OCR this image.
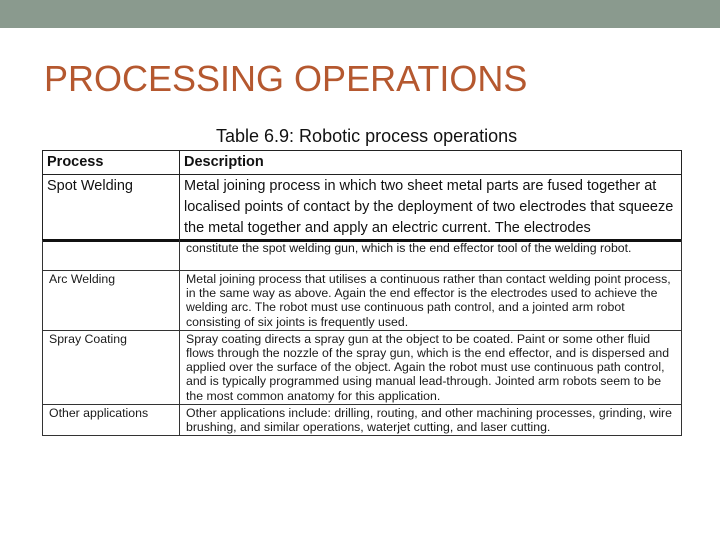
PROCESSING OPERATIONS
Table 6.9: Robotic process operations
Process	Description
Spot Welding	Metal joining process in which two sheet metal parts are fused together at localised points of contact by the deployment of two electrodes that squeeze the metal together and apply an electric current. The electrodes

	constitute the spot welding gun, which is the end effector tool of the welding robot.

Arc Welding	Metal joining process that utilises a continuous rather than contact welding point process, in the same way as above. Again the end effector is the electrodes used to achieve the welding arc. The robot must use continuous path control, and a jointed arm robot consisting of six joints is frequently used.
Spray Coating	Spray coating directs a spray gun at the object to be coated. Paint or some other fluid flows through the nozzle of the spray gun, which is the end effector, and is dispersed and applied over the surface of the object. Again the robot must use continuous path control, and is typically programmed using manual lead-through. Jointed arm robots seem to be the most common anatomy for this application.
Other applications	Other applications include: drilling, routing, and other machining processes, grinding, wire brushing, and similar operations, waterjet cutting, and laser cutting.
